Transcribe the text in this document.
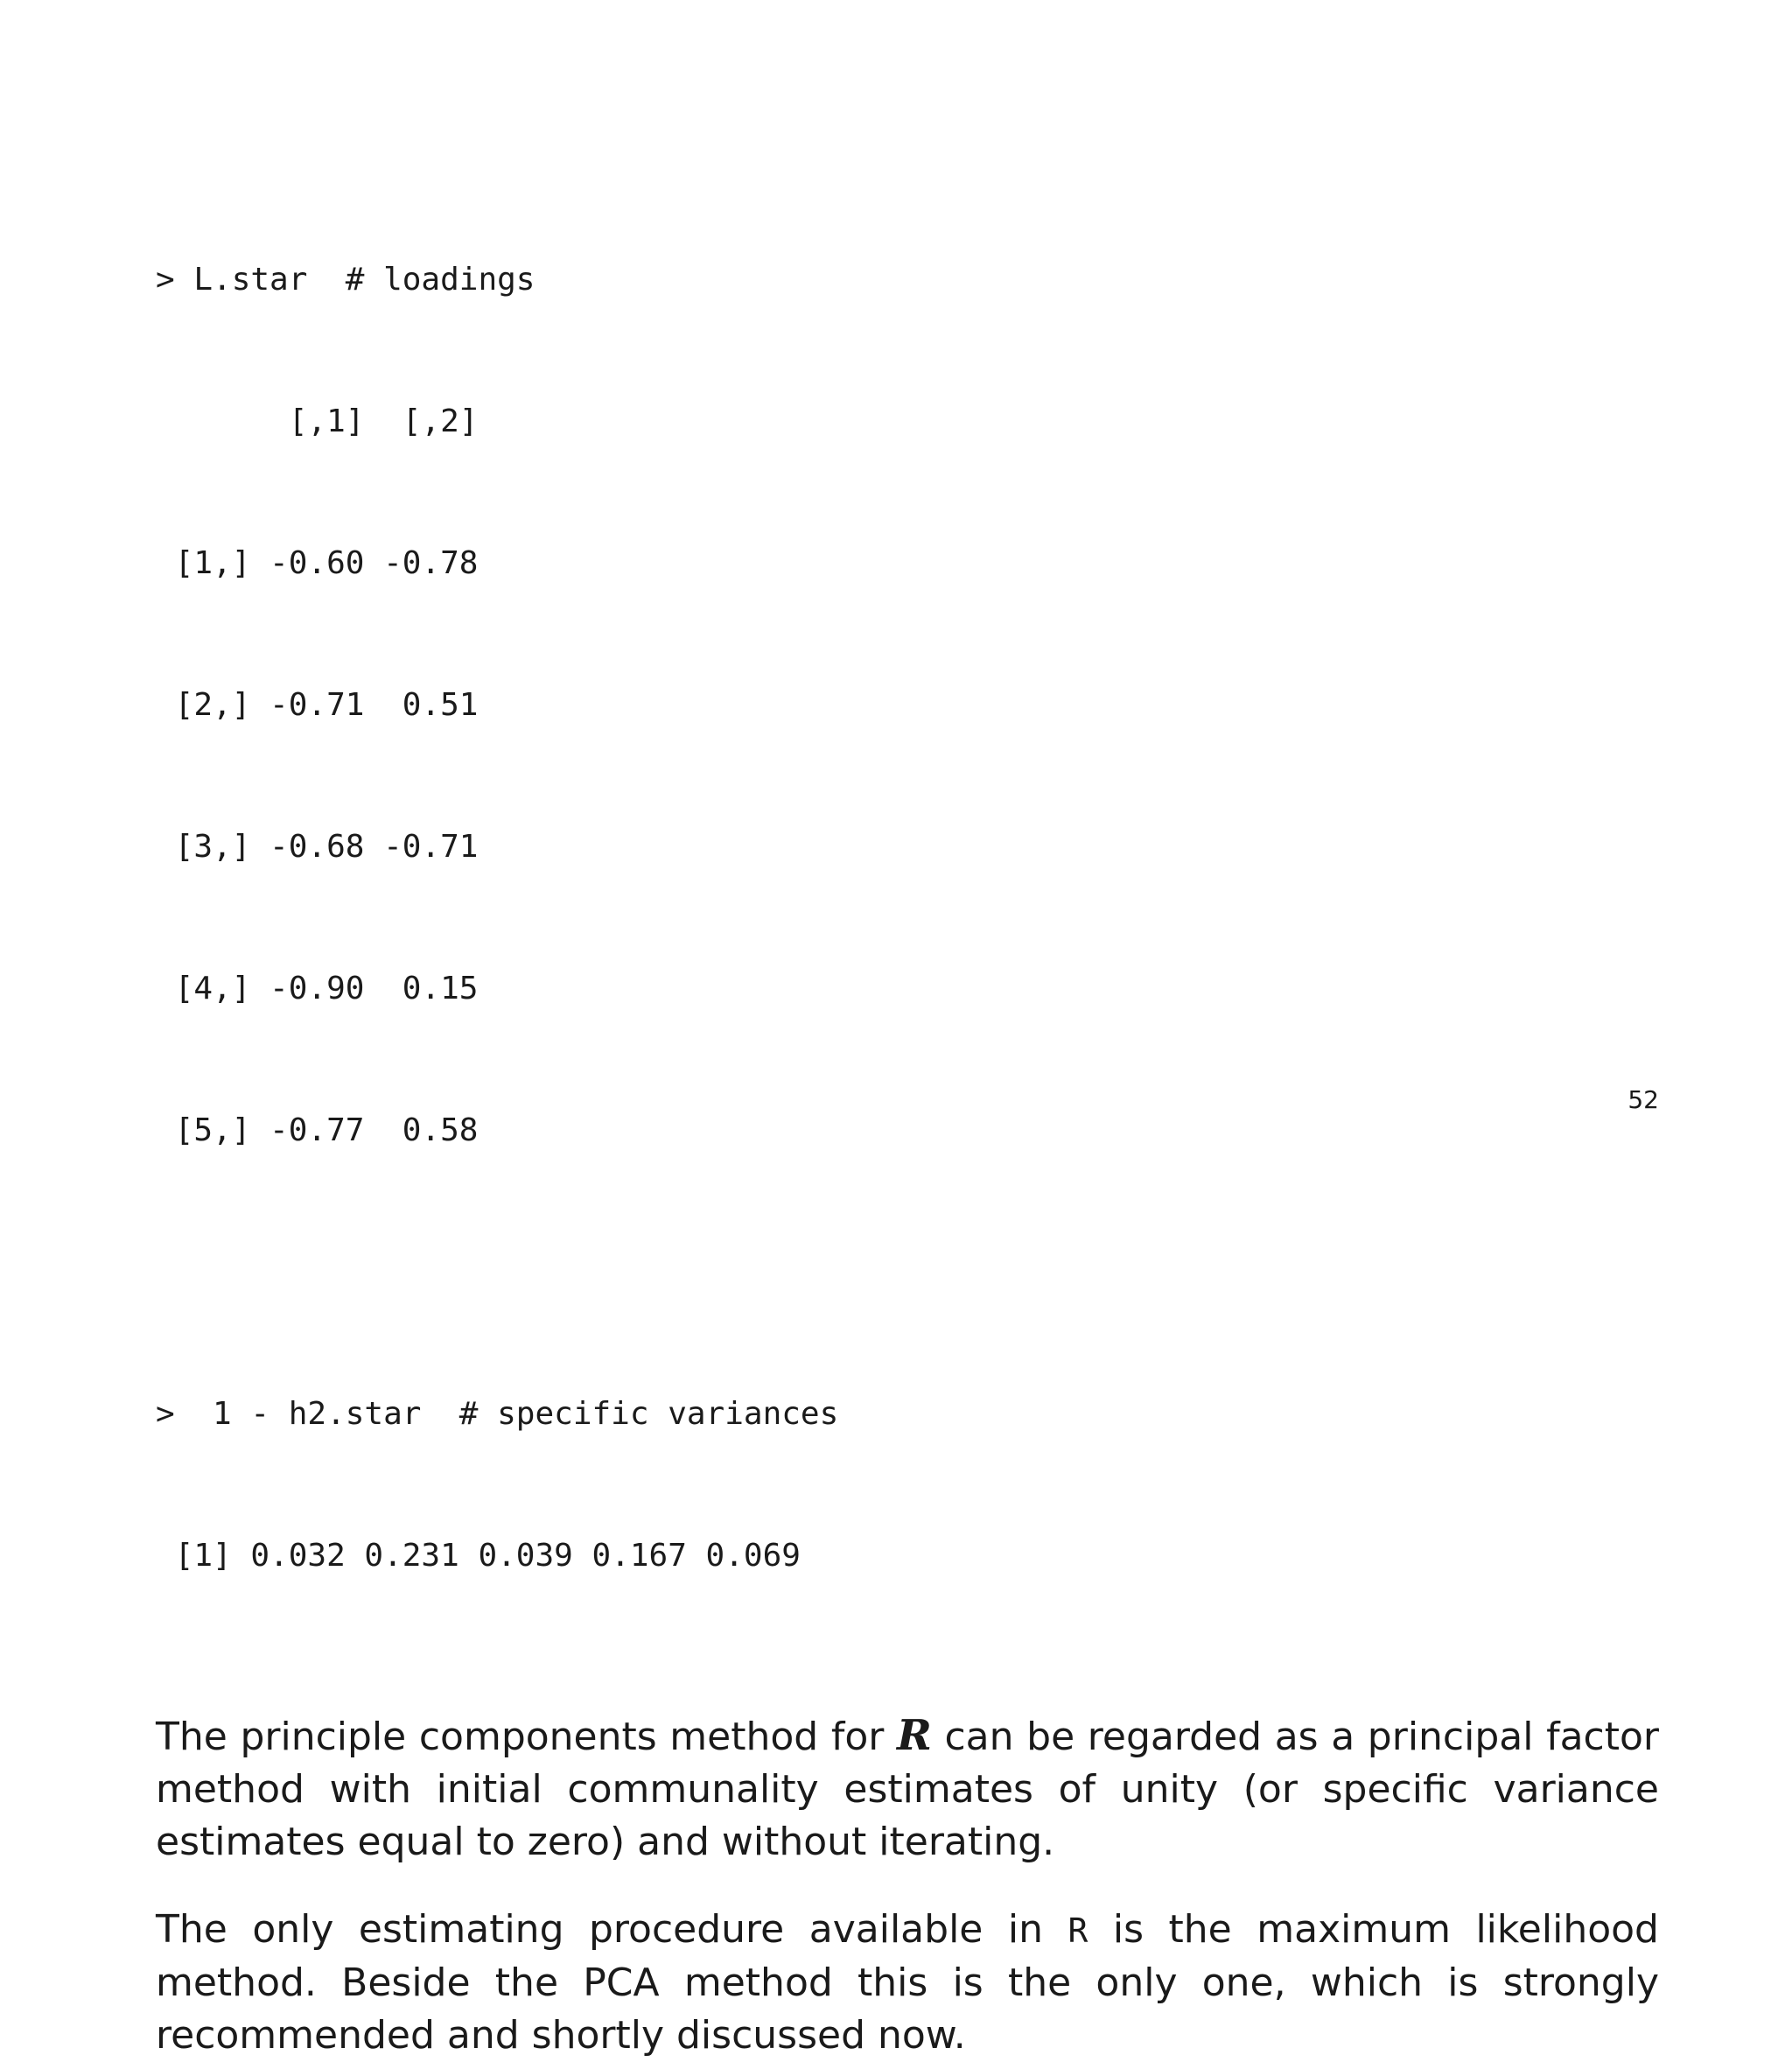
> L.star  # loadings

[,1]  [,2]

[1,] -0.60 -0.78

[2,] -0.71  0.51

[3,] -0.68 -0.71

[4,] -0.90  0.15

[5,] -0.77  0.58

>  1 - h2.star  # specific variances

[1] 0.032 0.231 0.039 0.167 0.069

The principle components method for R can be regarded as a principal factor method with initial communality estimates of unity (or specific variance estimates equal to zero) and without iterating.

The only estimating procedure available in R is the maximum likelihood method. Beside the PCA method this is the only one, which is strongly recommended and shortly discussed now.

52
